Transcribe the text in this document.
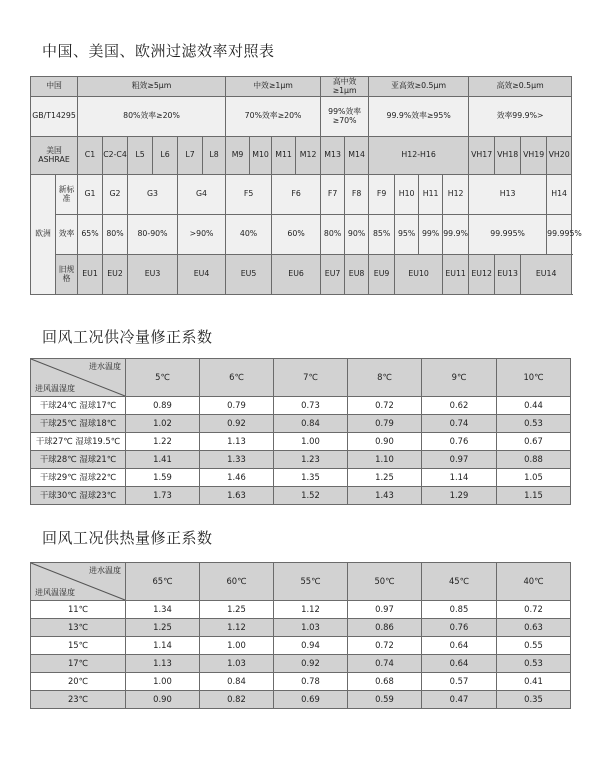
中国、美国、欧洲过滤效率对照表
中国		粗效≥5μm						中效≥1μm				高中效≥1μm		亚高效≥0.5μm				高效≥0.5μm				
GB/T14295		80%效率≥20%						70%效率≥20%				99%效率≥70%		99.9%效率≥95%				效率99.9%>				
美国ASHRAE		C1	C2-C4	L5	L6	L7	L8	M9	M10	M11	M12	M13	M14	H12-H16				VH17	VH18	VH19	VH20	
欧洲	新标准	G1	G2	G3		G4		F5		F6		F7	F8	F9	H10	H11	H12	H13			H14	
	效率	65%	80%	80-90%		>90%		40%		60%		80%	90%	85%	95%	99%	99.9%	99.995%			99.995%	
	旧规格	EU1	EU2	EU3		EU4		EU5		EU6		EU7	EU8	EU9	EU10		EU11	EU12	EU13	EU14		
回风工况供冷量修正系数
进水温度
进风温湿度	5℃	6℃	7℃	8℃	9℃	10℃
干球24℃ 湿球17℃	0.89	0.79	0.73	0.72	0.62	0.44
干球25℃ 湿球18℃	1.02	0.92	0.84	0.79	0.74	0.53
干球27℃ 湿球19.5℃	1.22	1.13	1.00	0.90	0.76	0.67
干球28℃ 湿球21℃	1.41	1.33	1.23	1.10	0.97	0.88
干球29℃ 湿球22℃	1.59	1.46	1.35	1.25	1.14	1.05
干球30℃ 湿球23℃	1.73	1.63	1.52	1.43	1.29	1.15
回风工况供热量修正系数
进水温度
进风温湿度	65℃	60℃	55℃	50℃	45℃	40℃
11℃	1.34	1.25	1.12	0.97	0.85	0.72
13℃	1.25	1.12	1.03	0.86	0.76	0.63
15℃	1.14	1.00	0.94	0.72	0.64	0.55
17℃	1.13	1.03	0.92	0.74	0.64	0.53
20℃	1.00	0.84	0.78	0.68	0.57	0.41
23℃	0.90	0.82	0.69	0.59	0.47	0.35
